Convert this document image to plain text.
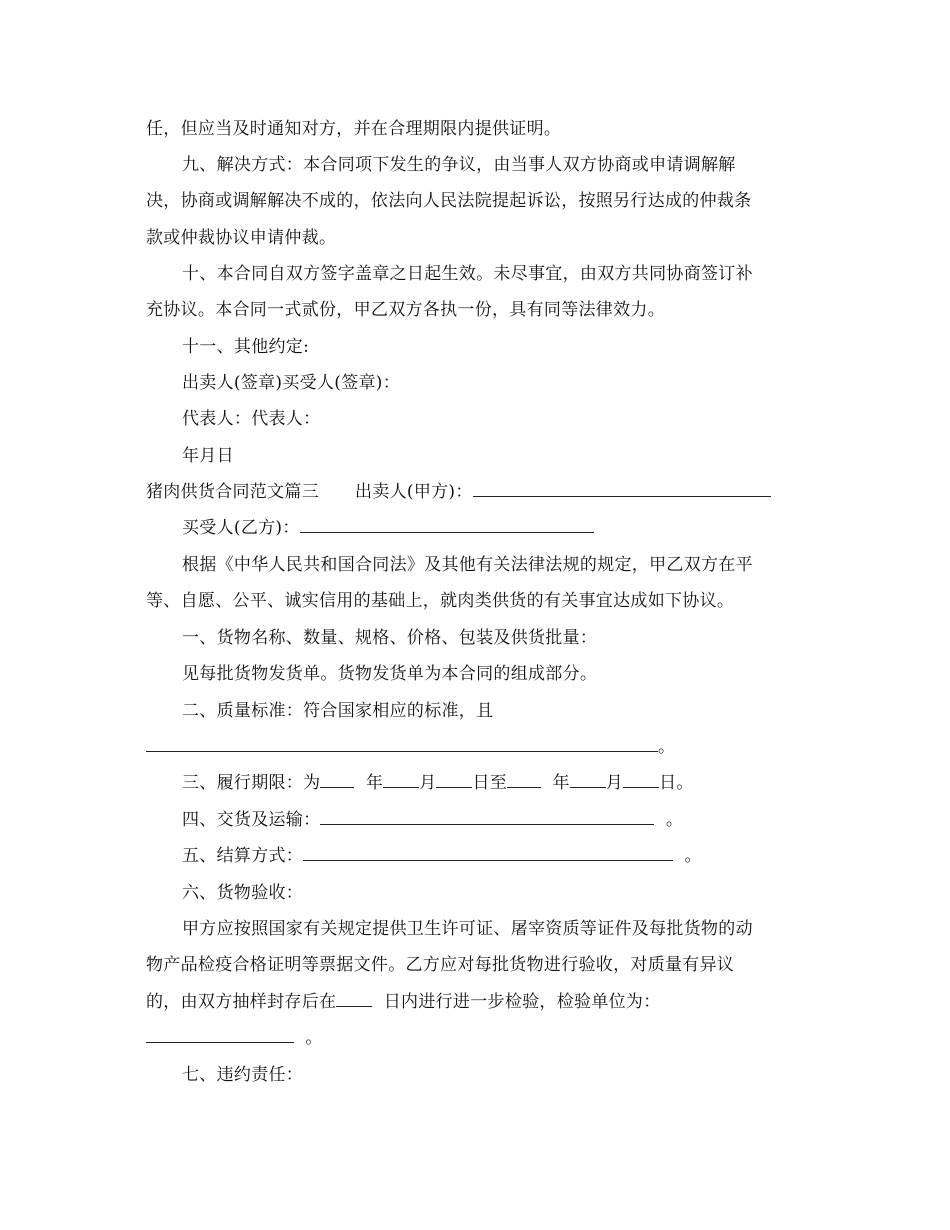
任，但应当及时通知对方，并在合理期限内提供证明。
九、解决方式：本合同项下发生的争议，由当事人双方协商或申请调解解
决，协商或调解解决不成的，依法向人民法院提起诉讼，按照另行达成的仲裁条
款或仲裁协议申请仲裁。
十、本合同自双方签字盖章之日起生效。未尽事宜，由双方共同协商签订补
充协议。本合同一式贰份，甲乙双方各执一份，具有同等法律效力。
十一、其他约定:
出卖人(签章)买受人(签章)：
代表人：代表人：
年月日
猪肉供货合同范文篇三 出卖人(甲方)：
买受人(乙方)：
根据《中华人民共和国合同法》及其他有关法律法规的规定，甲乙双方在平
等、自愿、公平、诚实信用的基础上，就肉类供货的有关事宜达成如下协议。
一、货物名称、数量、规格、价格、包装及供货批量：
见每批货物发货单。货物发货单为本合同的组成部分。
二、质量标准：符合国家相应的标准，且
。
三、履行期限：为	年 月 日至	年 月 日。
四、交货及运输：	。
五、结算方式：	。
六、货物验收：
甲方应按照国家有关规定提供卫生许可证、屠宰资质等证件及每批货物的动
物产品检疫合格证明等票据文件。乙方应对每批货物进行验收，对质量有异议
的，由双方抽样封存后在	日内进行进一步检验，检验单位为：
。
七、违约责任：
